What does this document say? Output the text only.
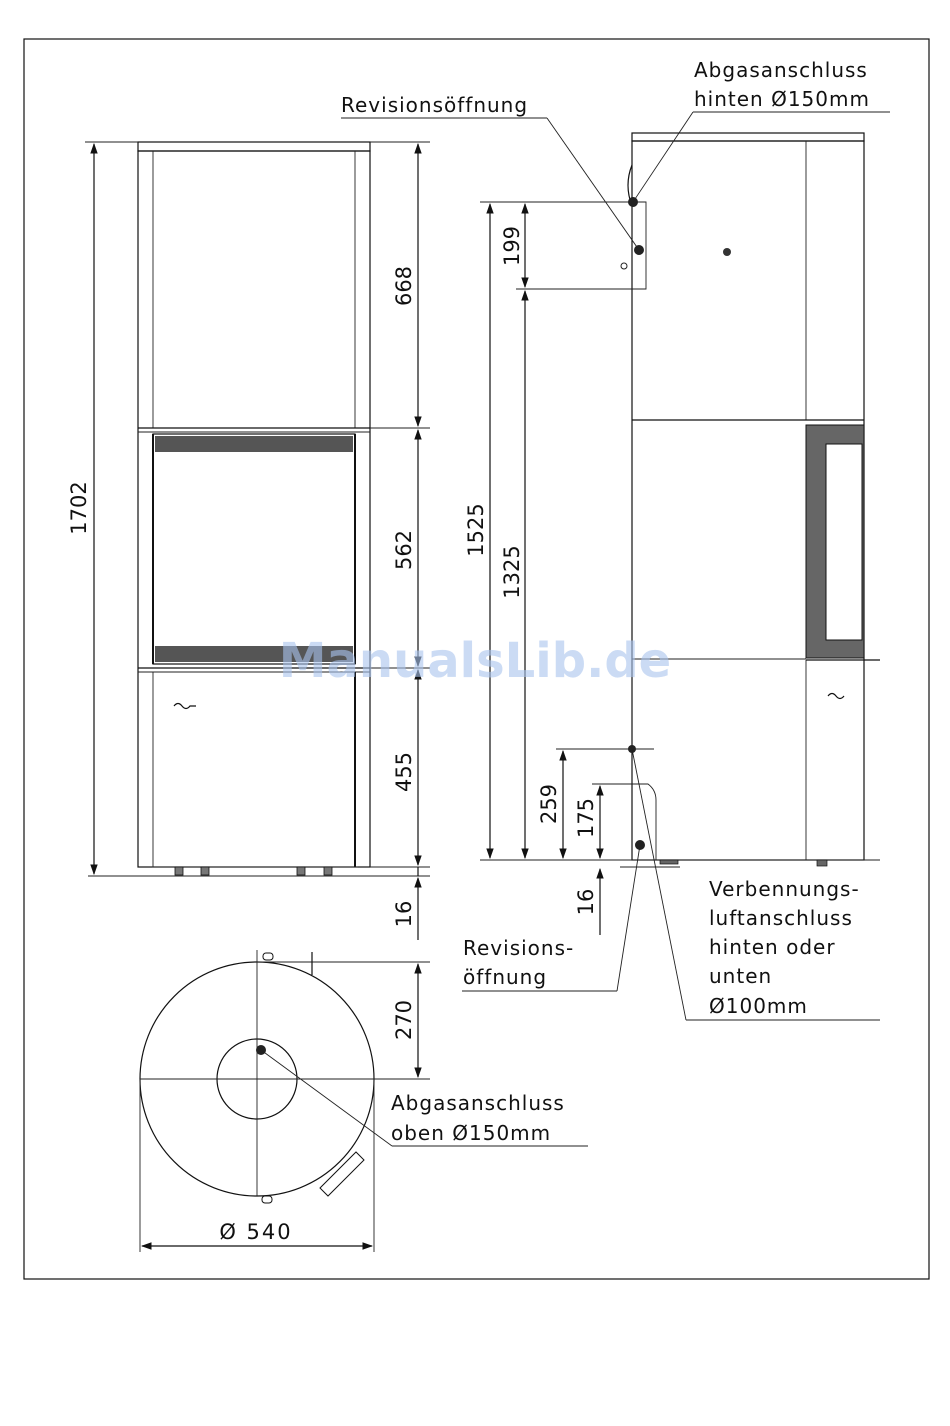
1702
668
562
455
16
1525
199
1325
259 175
16
Revisionsöffnung
Abgasanschluss
hinten Ø150mm
Verbennungs-
luftanschluss
hinten oder
unten
Ø100mm
Revisions-
öffnung
270
Ø 540
Abgasanschluss
oben Ø150mm
ManualsLib.de
